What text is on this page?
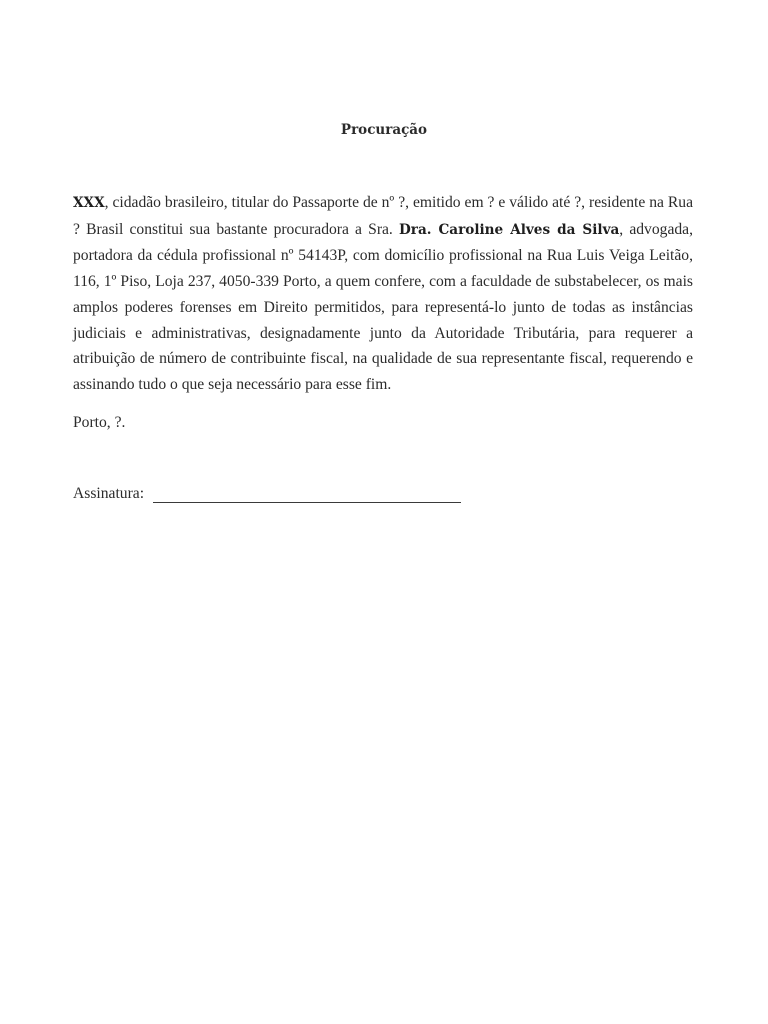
Procuração
XXX, cidadão brasileiro, titular do Passaporte de nº ?, emitido em ? e válido até ?, residente na Rua ? Brasil constitui sua bastante procuradora a Sra. Dra. Caroline Alves da Silva, advogada, portadora da cédula profissional nº 54143P, com domicílio profissional na Rua Luis Veiga Leitão, 116, 1º Piso, Loja 237, 4050-339 Porto, a quem confere, com a faculdade de substabelecer, os mais amplos poderes forenses em Direito permitidos, para representá-lo junto de todas as instâncias judiciais e administrativas, designadamente junto da Autoridade Tributária, para requerer a atribuição de número de contribuinte fiscal, na qualidade de sua representante fiscal, requerendo e assinando tudo o que seja necessário para esse fim.
Porto, ?.
Assinatura:
